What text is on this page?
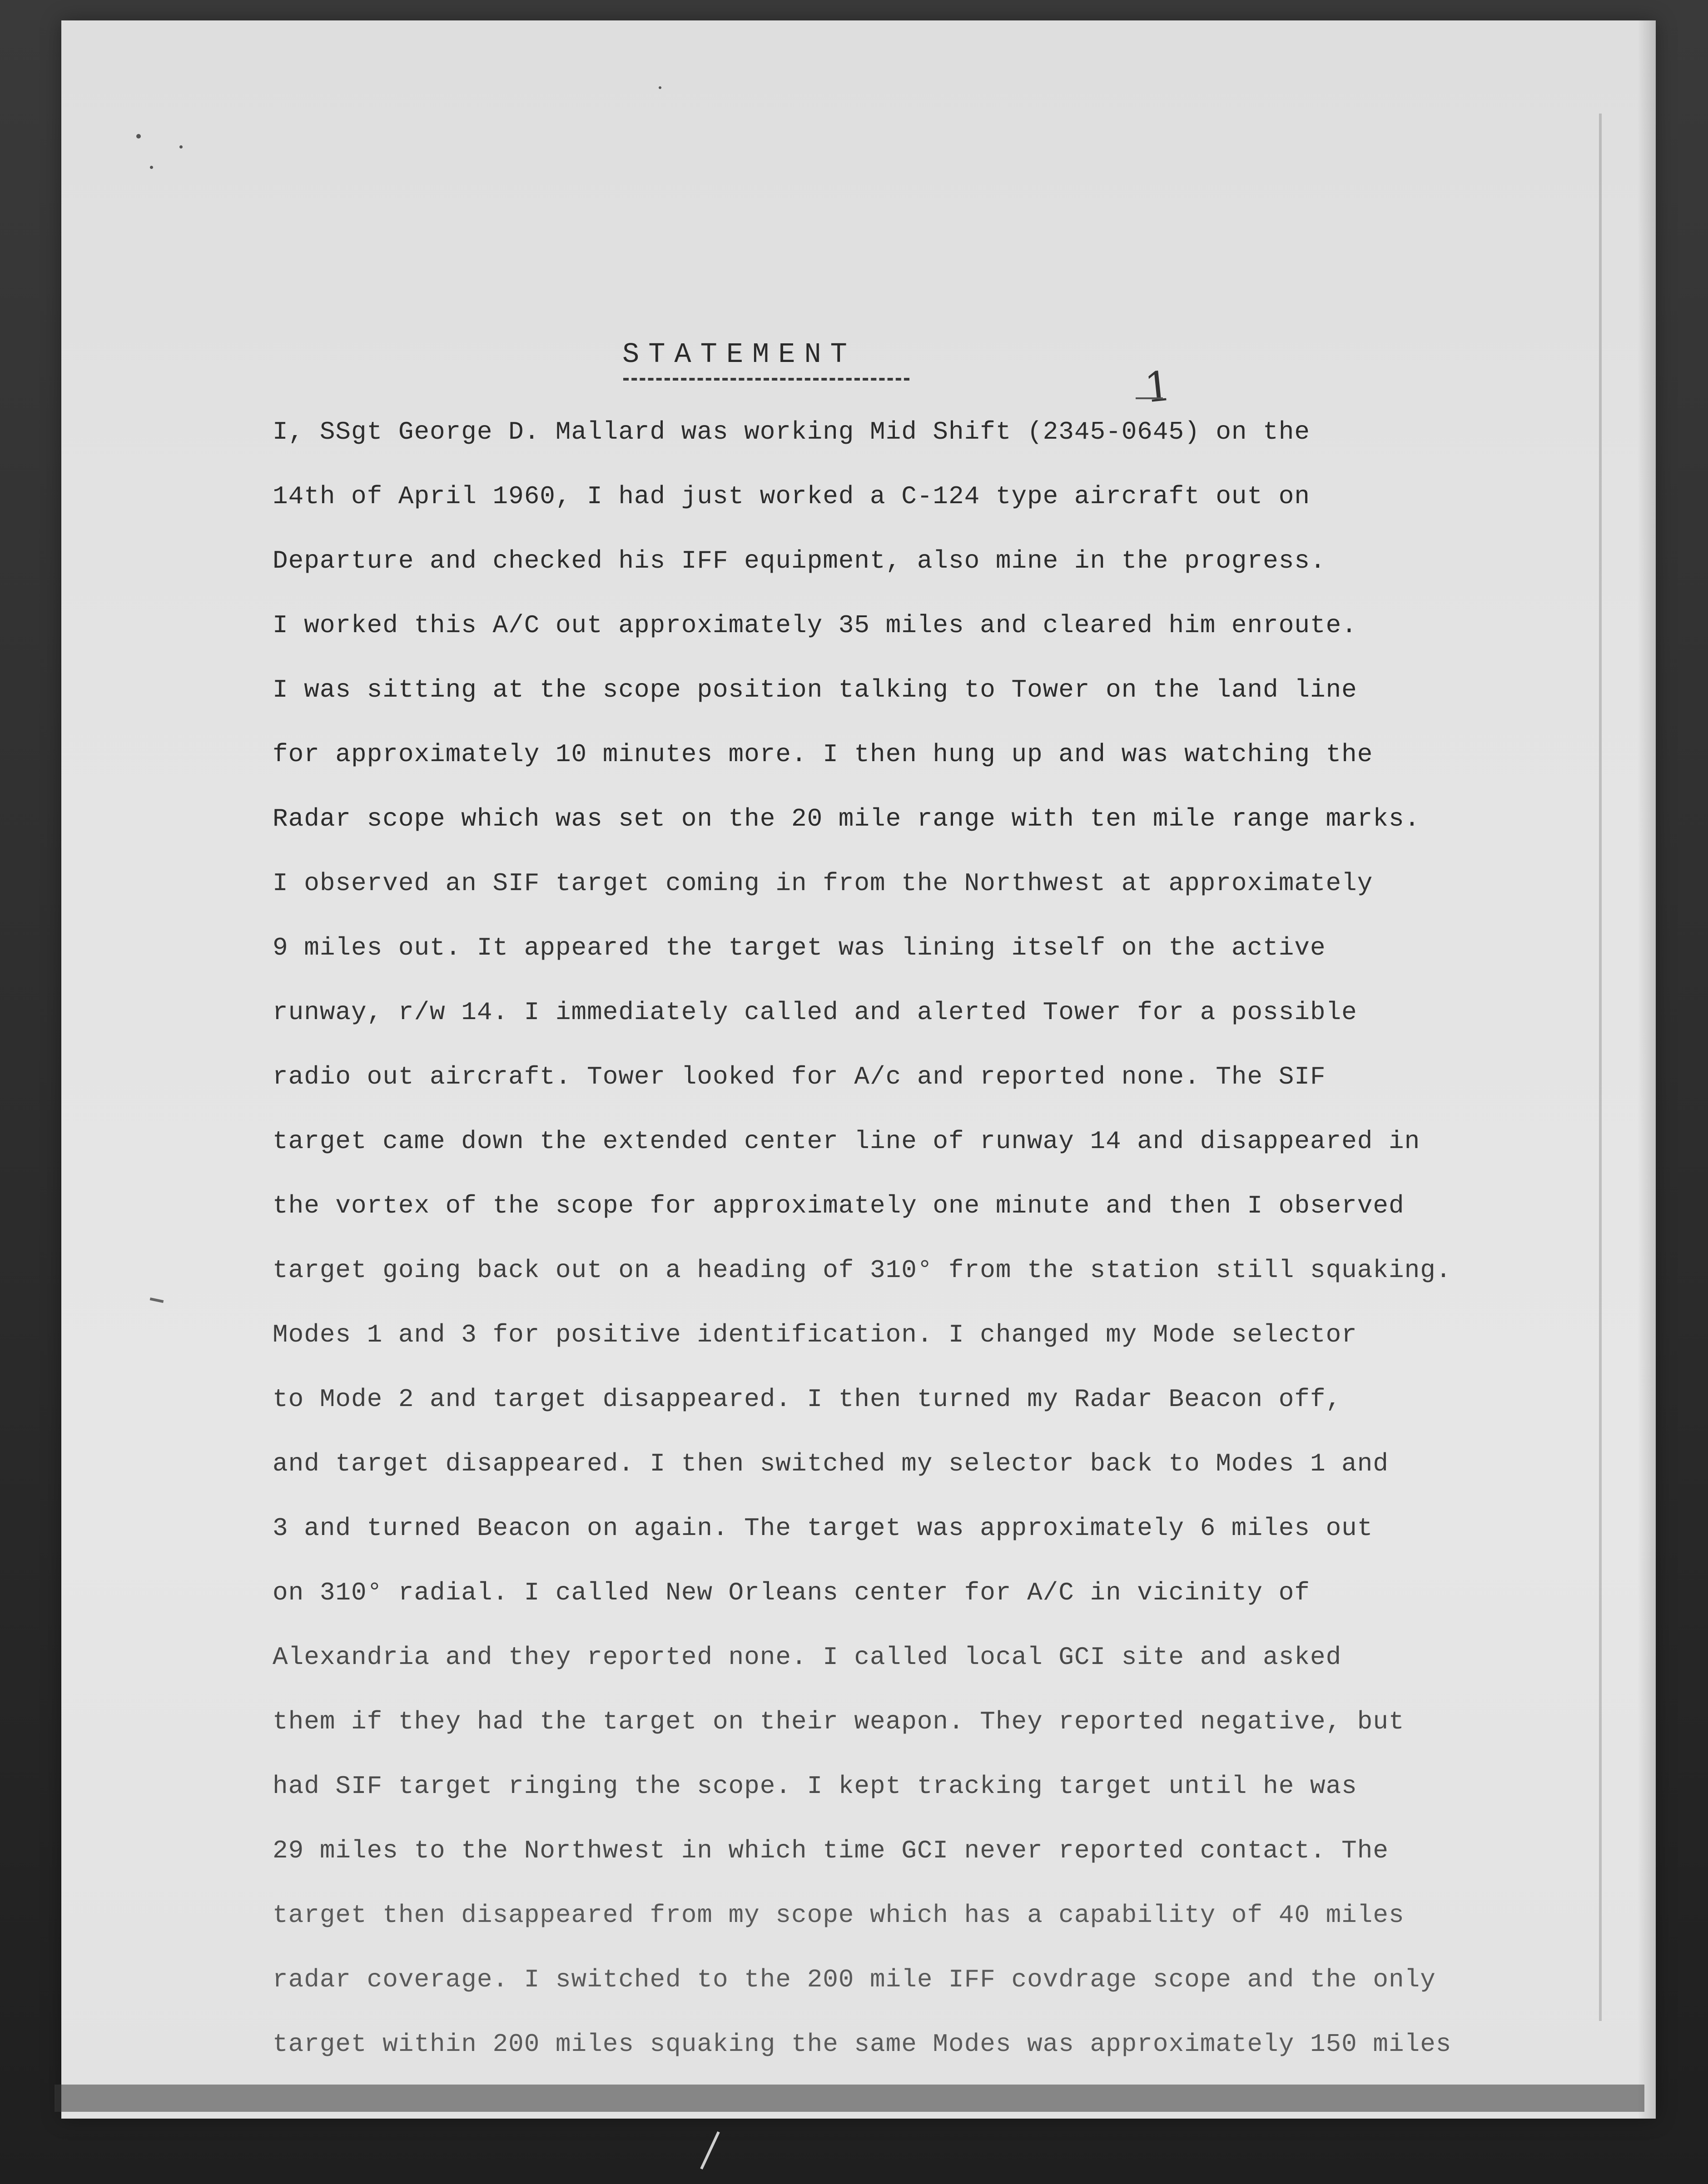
STATEMENT
1
I, SSgt George D. Mallard was working Mid Shift (2345-0645) on the
14th of April 1960, I had just worked a C-124 type aircraft out on
Departure and checked his IFF equipment, also mine in the progress.
I worked this A/C out approximately 35 miles and cleared him enroute.
I was sitting at the scope position talking to Tower on the land line
for approximately 10 minutes more. I then hung up and was watching the
Radar scope which was set on the 20 mile range with ten mile range marks.
I observed an SIF target coming in from the Northwest at approximately
9 miles out. It appeared the target was lining itself on the active
runway, r/w 14. I immediately called and alerted Tower for a possible
radio out aircraft. Tower looked for A/c and reported none. The SIF
target came down the extended center line of runway 14 and disappeared in
the vortex of the scope for approximately one minute and then I observed
target going back out on a heading of 310° from the station still squaking.
Modes 1 and 3 for positive identification. I changed my Mode selector
to Mode 2 and target disappeared. I then turned my Radar Beacon off,
and target disappeared. I then switched my selector back to Modes 1 and
3 and turned Beacon on again. The target was approximately 6 miles out
on 310° radial. I called New Orleans center for A/C in vicinity of
Alexandria and they reported none. I called local GCI site and asked
them if they had the target on their weapon. They reported negative, but
had SIF target ringing the scope. I kept tracking target until he was
29 miles to the Northwest in which time GCI never reported contact. The
target then disappeared from my scope which has a capability of 40 miles
radar coverage. I switched to the 200 mile IFF covdrage scope and the only
target within 200 miles squaking the same Modes was approximately 150 miles
